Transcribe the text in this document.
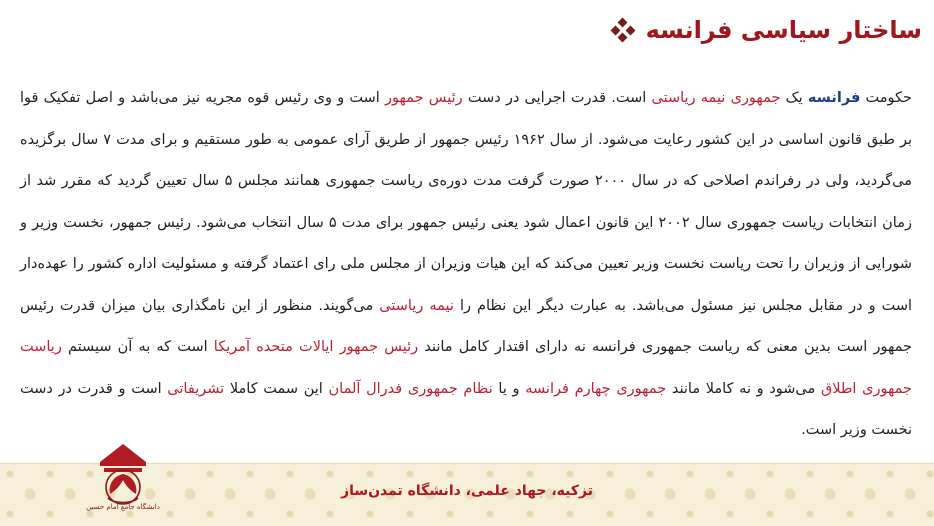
ساختار سیاسی فرانسه
حکومت فرانسه یک جمهوری نیمه ریاستی است. قدرت اجرایی در دست رئیس جمهور است و وی رئیس قوه مجریه نیز می‌باشد و اصل تفکیک قوا بر طبق قانون اساسی در این کشور رعایت می‌شود. از سال ۱۹۶۲ رئیس جمهور از طریق آرای عمومی به طور مستقیم و برای مدت ۷ سال برگزیده می‌گردید، ولی در رفراندم اصلاحی که در سال ۲۰۰۰ صورت گرفت مدت دوره‌ی ریاست جمهوری همانند مجلس ۵ سال تعیین گردید که مقرر شد از زمان انتخابات ریاست جمهوری سال ۲۰۰۲ این قانون اعمال شود یعنی رئیس جمهور برای مدت ۵ سال انتخاب می‌شود. رئیس جمهور، نخست وزیر و شورایی از وزیران را تحت ریاست نخست وزیر تعیین می‌کند که این هیات وزیران از مجلس ملی رای اعتماد گرفته و مسئولیت اداره کشور را عهده‌دار است و در مقابل مجلس نیز مسئول می‌باشد. به عبارت دیگر این نظام را نیمه ریاستی می‌گویند. منظور از این نامگذاری بیان میزان قدرت رئیس جمهور است بدین معنی که ریاست جمهوری فرانسه نه دارای اقتدار کامل مانند رئیس جمهور ایالات متحده آمریکا است که به آن سیستم ریاست جمهوری اطلاق می‌شود و نه کاملا مانند جمهوری چهارم فرانسه و یا نظام جمهوری فدرال آلمان این سمت کاملا تشریفاتی است و قدرت در دست نخست وزیر است.
تزکیه، جهاد علمی، دانشگاه تمدن‌ساز
دانشگاه جامع امام حسین
